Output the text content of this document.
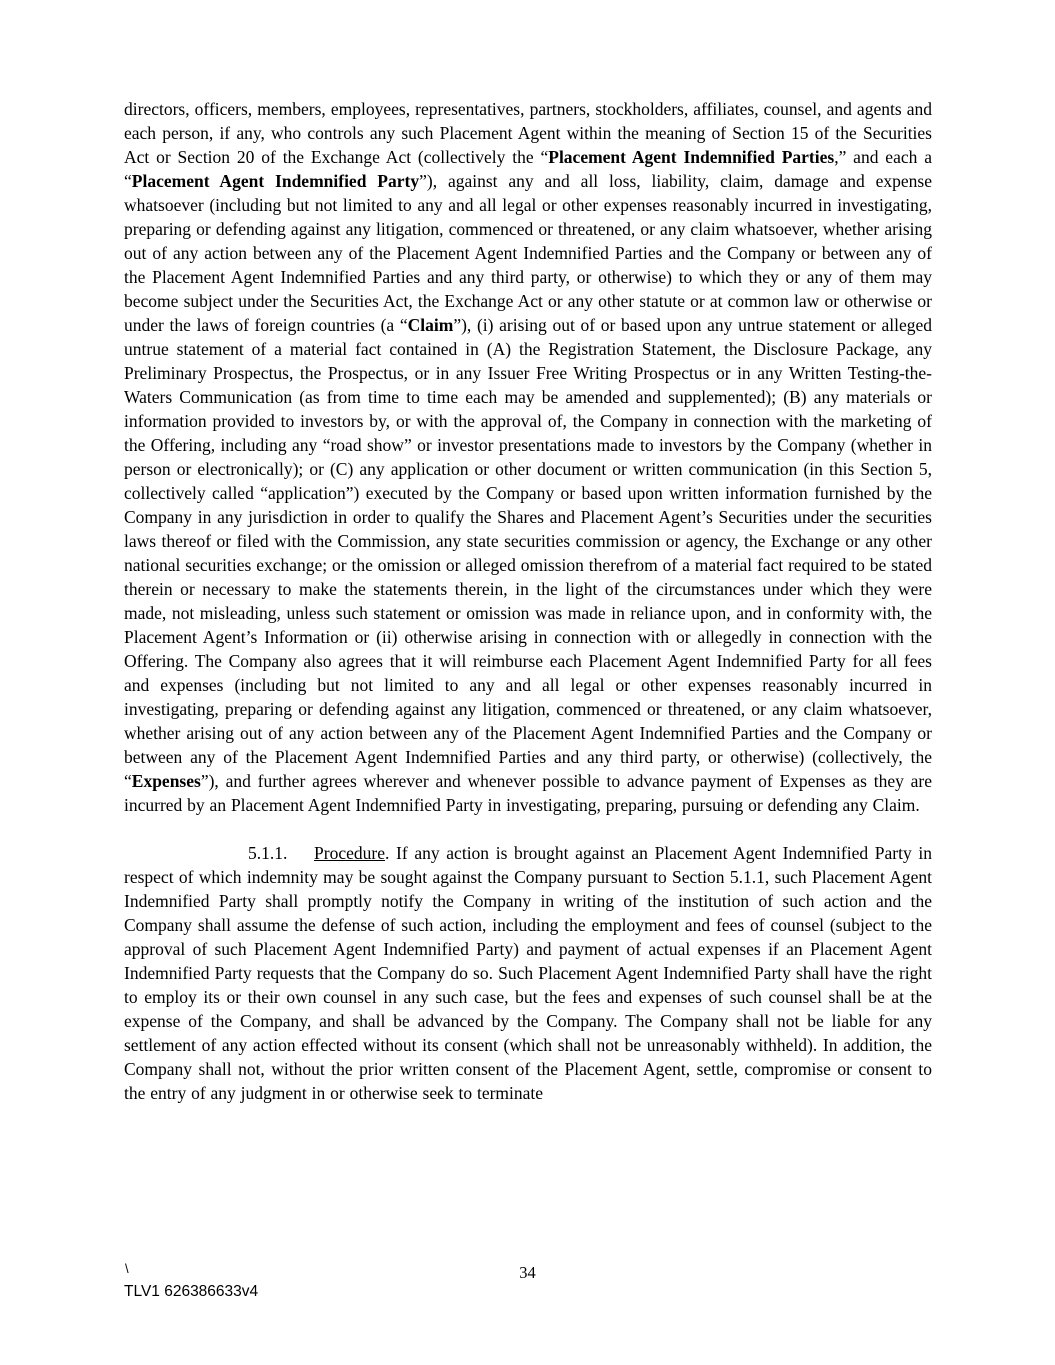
directors, officers, members, employees, representatives, partners, stockholders, affiliates, counsel, and agents and each person, if any, who controls any such Placement Agent within the meaning of Section 15 of the Securities Act or Section 20 of the Exchange Act (collectively the “Placement Agent Indemnified Parties,” and each a “Placement Agent Indemnified Party”), against any and all loss, liability, claim, damage and expense whatsoever (including but not limited to any and all legal or other expenses reasonably incurred in investigating, preparing or defending against any litigation, commenced or threatened, or any claim whatsoever, whether arising out of any action between any of the Placement Agent Indemnified Parties and the Company or between any of the Placement Agent Indemnified Parties and any third party, or otherwise) to which they or any of them may become subject under the Securities Act, the Exchange Act or any other statute or at common law or otherwise or under the laws of foreign countries (a “Claim”), (i) arising out of or based upon any untrue statement or alleged untrue statement of a material fact contained in (A) the Registration Statement, the Disclosure Package, any Preliminary Prospectus, the Prospectus, or in any Issuer Free Writing Prospectus or in any Written Testing-the-Waters Communication (as from time to time each may be amended and supplemented); (B) any materials or information provided to investors by, or with the approval of, the Company in connection with the marketing of the Offering, including any “road show” or investor presentations made to investors by the Company (whether in person or electronically); or (C) any application or other document or written communication (in this Section 5, collectively called “application”) executed by the Company or based upon written information furnished by the Company in any jurisdiction in order to qualify the Shares and Placement Agent’s Securities under the securities laws thereof or filed with the Commission, any state securities commission or agency, the Exchange or any other national securities exchange; or the omission or alleged omission therefrom of a material fact required to be stated therein or necessary to make the statements therein, in the light of the circumstances under which they were made, not misleading, unless such statement or omission was made in reliance upon, and in conformity with, the Placement Agent’s Information or (ii) otherwise arising in connection with or allegedly in connection with the Offering. The Company also agrees that it will reimburse each Placement Agent Indemnified Party for all fees and expenses (including but not limited to any and all legal or other expenses reasonably incurred in investigating, preparing or defending against any litigation, commenced or threatened, or any claim whatsoever, whether arising out of any action between any of the Placement Agent Indemnified Parties and the Company or between any of the Placement Agent Indemnified Parties and any third party, or otherwise) (collectively, the “Expenses”), and further agrees wherever and whenever possible to advance payment of Expenses as they are incurred by an Placement Agent Indemnified Party in investigating, preparing, pursuing or defending any Claim.

5.1.1.    Procedure. If any action is brought against an Placement Agent Indemnified Party in respect of which indemnity may be sought against the Company pursuant to Section 5.1.1, such Placement Agent Indemnified Party shall promptly notify the Company in writing of the institution of such action and the Company shall assume the defense of such action, including the employment and fees of counsel (subject to the approval of such Placement Agent Indemnified Party) and payment of actual expenses if an Placement Agent Indemnified Party requests that the Company do so. Such Placement Agent Indemnified Party shall have the right to employ its or their own counsel in any such case, but the fees and expenses of such counsel shall be at the expense of the Company, and shall be advanced by the Company. The Company shall not be liable for any settlement of any action effected without its consent (which shall not be unreasonably withheld). In addition, the Company shall not, without the prior written consent of the Placement Agent, settle, compromise or consent to the entry of any judgment in or otherwise seek to terminate

\	34
TLV1 626386633v4
